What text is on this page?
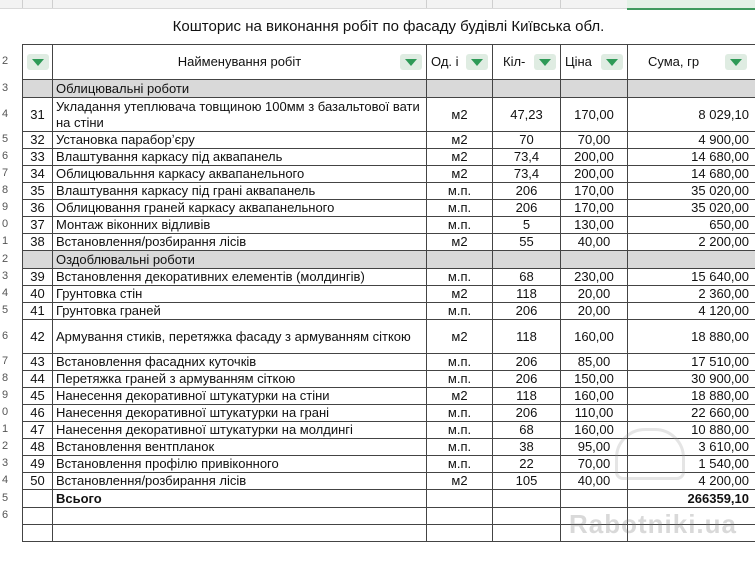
Кошторис на виконання робіт по фасаду будівлі Київська обл.
	Найменування робіт	Од. і	Кіл-	Ціна	Сума, гр

	Облицювальні роботи				
31	Укладання утеплювача товщиною 100мм з базальтової вати на стіни	м2	47,23	170,00	8 029,10
32	Установка параборʼєру	м2	70	70,00	4 900,00
33	Влаштування каркасу під аквапанель	м2	73,4	200,00	14 680,00
34	Облицювальння каркасу аквапанельного	м2	73,4	200,00	14 680,00
35	Влаштування каркасу під грані аквапанель	м.п.	206	170,00	35 020,00
36	Облицювання граней каркасу аквапанельного	м.п.	206	170,00	35 020,00
37	Монтаж віконних відливів	м.п.	5	130,00	650,00
38	Встановлення/розбирання лісів	м2	55	40,00	2 200,00
	Оздоблювальні роботи				
39	Встановлення декоративних елементів (молдингів)	м.п.	68	230,00	15 640,00
40	Грунтовка стін	м2	118	20,00	2 360,00
41	Грунтовка граней	м.п.	206	20,00	4 120,00
42	Армування стиків, перетяжка фасаду з армуванням сіткою	м2	118	160,00	18 880,00
43	Встановлення фасадних куточків	м.п.	206	85,00	17 510,00
44	Перетяжка граней з армуванням сіткою	м.п.	206	150,00	30 900,00
45	Нанесення декоративної штукатурки на стіни	м2	118	160,00	18 880,00
46	Нанесення декоративної штукатурки на грані	м.п.	206	110,00	22 660,00
47	Нанесення декоративної штукатурки на молдингі	м.п.	68	160,00	10 880,00
48	Встановлення вентпланок	м.п.	38	95,00	3 610,00
49	Встановлення профілю привіконного	м.п.	22	70,00	1 540,00
50	Встановлення/розбирання лісів	м2	105	40,00	4 200,00
	Всього				266359,10

Rabotniki.ua
2
3
4
5
6
7
8
9
0
1
2
3
4
5
6
7
8
9
0
1
2
3
4
5
6
